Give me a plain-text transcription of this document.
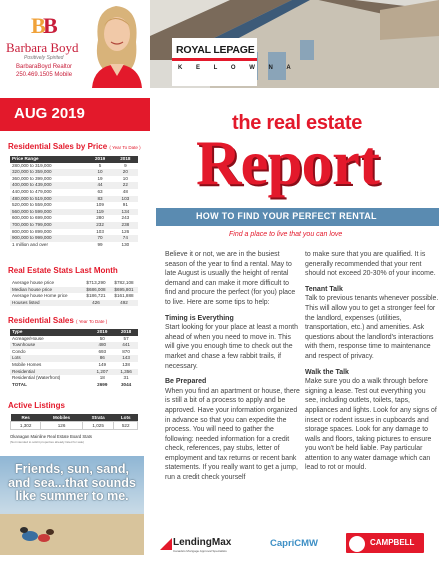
B
B
Barbara Boyd
Positively Spirited
BarbaraBoyd Realtor
250.469.1505 Mobile
AUG 2019
Residential Sales by Price ( Year To Date )
Price Range	2019	2018
280,000 to 319,000	5	9
320,000 to 359,000	10	20
360,000 to 399,000	19	10
400,000 to 439,000	44	22
440,000 to 479,000	63	48
480,000 to 519,000	83	103
520,000 to 559,000	109	91
560,000 to 599,000	119	134
600,000 to 699,000	280	243
700,000 to 799,000	232	238
800,000 to 899,000	103	126
900,000 to 999,000	70	74
1 million and over	99	130
Real Estate Stats Last Month
Average house price	$713,290	$782,108
Median house price	$686,008	$695,801
Average house Home price	$186,721	$161,888
Houses listed	426	492
Residential Sales ( Year To Date )
Type	2019	2018
Acreage/House	50	57
Townhouse	480	441
Condo	693	870
Lots	86	143
Mobile Homes	149	138
Residential	1,207	1,356
Residential (Waterfront)	18	31
TOTAL	2699	3044
Active Listings
Res	Mobiles	Strata	Lots
1,302	126	1,025	522
Okanagan Mainline Real Estate Board Stats
(Not intended to solicit properties already listed for sale)
Friends, sun, sand, and sea...that sounds like summer to me.
ROYAL LEPAGE
K E L O W N A
the real estate
Report
HOW TO FIND YOUR PERFECT RENTAL
Find a place to live that you can love

Believe it or not, we are in the busiest season of the year to find a rental. May to late August is usually the height of rental demand and can make it more difficult to find and procure the perfect (for you) place to live. Here are some tips to help:

Timing is Everything

Start looking for your place at least a month ahead of when you need to move in. This will give you enough time to check out the market and chase a few rabbit trails, if necessary.

Be Prepared

When you find an apartment or house, there is still a bit of a process to apply and be approved. Have your information organized in advance so that you can expedite the process. You will need to gather the following: needed information for a credit check, references, pay stubs, letter of employment and tax returns or recent bank statements. If you really want to get a jump, run a credit check yourself

to make sure that you are qualified. It is generally recommended that your rent should not exceed 20-30% of your income.

Tenant Talk

Talk to previous tenants whenever possible. This will allow you to get a stronger feel for the landlord, expenses (utilities, transportation, etc.) and amenities. Ask questions about the landlord's interactions with them, response time to maintenance and respect of privacy.

Walk the Talk

Make sure you do a walk through before signing a lease. Test out everything you see, including outlets, toilets, taps, appliances and lights. Look for any signs of insect or rodent issues in cupboards and storage spaces. Look for any damage to walls and floors, taking pictures to ensure you won't be held liable. Pay particular attention to any water damage which can lead to rot or mould.

LendingMax
Canada's Mortgage Approval Specialists
CapriCMW	CAMPBELL
